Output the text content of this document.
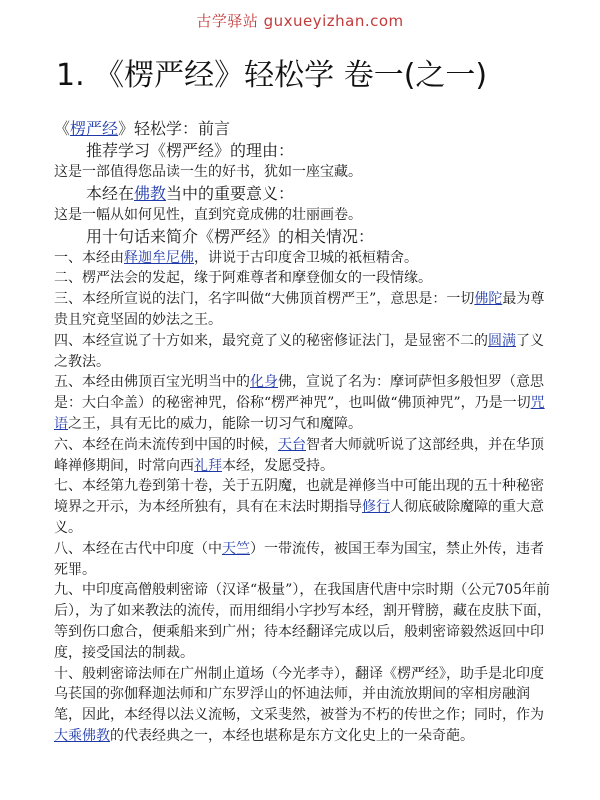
古学驿站 guxueyizhan.com
1. 《楞严经》轻松学 卷一(之一)
《楞严经》轻松学：前言
推荐学习《楞严经》的理由：
这是一部值得您品读一生的好书，犹如一座宝藏。
本经在佛教当中的重要意义：
这是一幅从如何见性，直到究竟成佛的壮丽画卷。
用十句话来简介《楞严经》的相关情况：
一、本经由释迦牟尼佛，讲说于古印度舍卫城的祇桓精舍。
二、楞严法会的发起，缘于阿难尊者和摩登伽女的一段情缘。
三、本经所宣说的法门，名字叫做“大佛顶首楞严王”，意思是：一切佛陀最为尊贵且究竟坚固的妙法之王。
四、本经宣说了十方如来，最究竟了义的秘密修证法门，是显密不二的圆满了义之教法。
五、本经由佛顶百宝光明当中的化身佛，宣说了名为：摩诃萨怛多般怛罗（意思是：大白伞盖）的秘密神咒，俗称“楞严神咒”，也叫做“佛顶神咒”，乃是一切咒语之王，具有无比的威力，能除一切习气和魔障。
六、本经在尚未流传到中国的时候，天台智者大师就听说了这部经典，并在华顶峰禅修期间，时常向西礼拜本经，发愿受持。
七、本经第九卷到第十卷，关于五阴魔，也就是禅修当中可能出现的五十种秘密境界之开示，为本经所独有，具有在末法时期指导修行人彻底破除魔障的重大意义。
八、本经在古代中印度（中天竺）一带流传，被国王奉为国宝，禁止外传，违者死罪。
九、中印度高僧般剌密谛（汉译“极量”），在我国唐代唐中宗时期（公元705年前后），为了如来教法的流传，而用细绢小字抄写本经，割开臂膀，藏在皮肤下面，等到伤口愈合，便乘船来到广州；待本经翻译完成以后，般剌密谛毅然返回中印度，接受国法的制裁。
十、般剌密谛法师在广州制止道场（今光孝寺），翻译《楞严经》，助手是北印度乌苌国的弥伽释迦法师和广东罗浮山的怀迪法师，并由流放期间的宰相房融润笔，因此，本经得以法义流畅，文采斐然，被誉为不朽的传世之作；同时，作为大乘佛教的代表经典之一，本经也堪称是东方文化史上的一朵奇葩。
